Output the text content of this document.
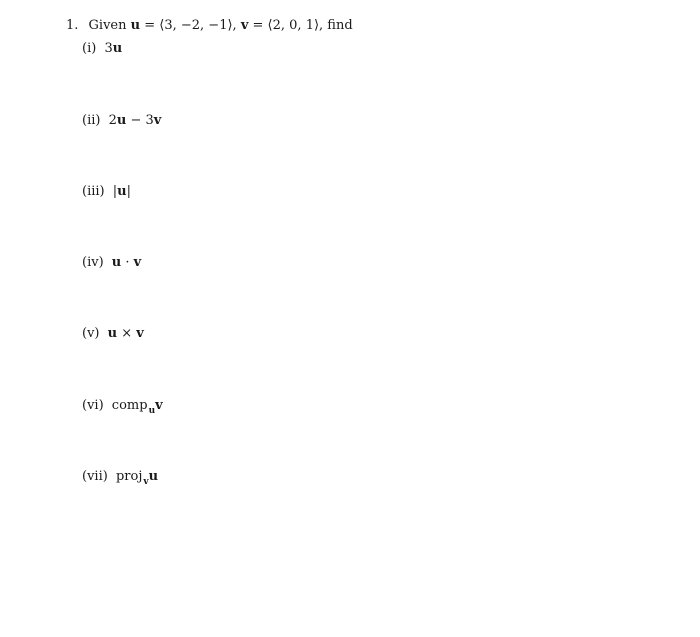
1. Given u = ⟨3, −2, −1⟩, v = ⟨2, 0, 1⟩, find
(i) 3u
(ii) 2u − 3v
(iii) |u|
(iv) u · v
(v) u × v
(vi) comp$_u$v
(vii) proj$_v$u
